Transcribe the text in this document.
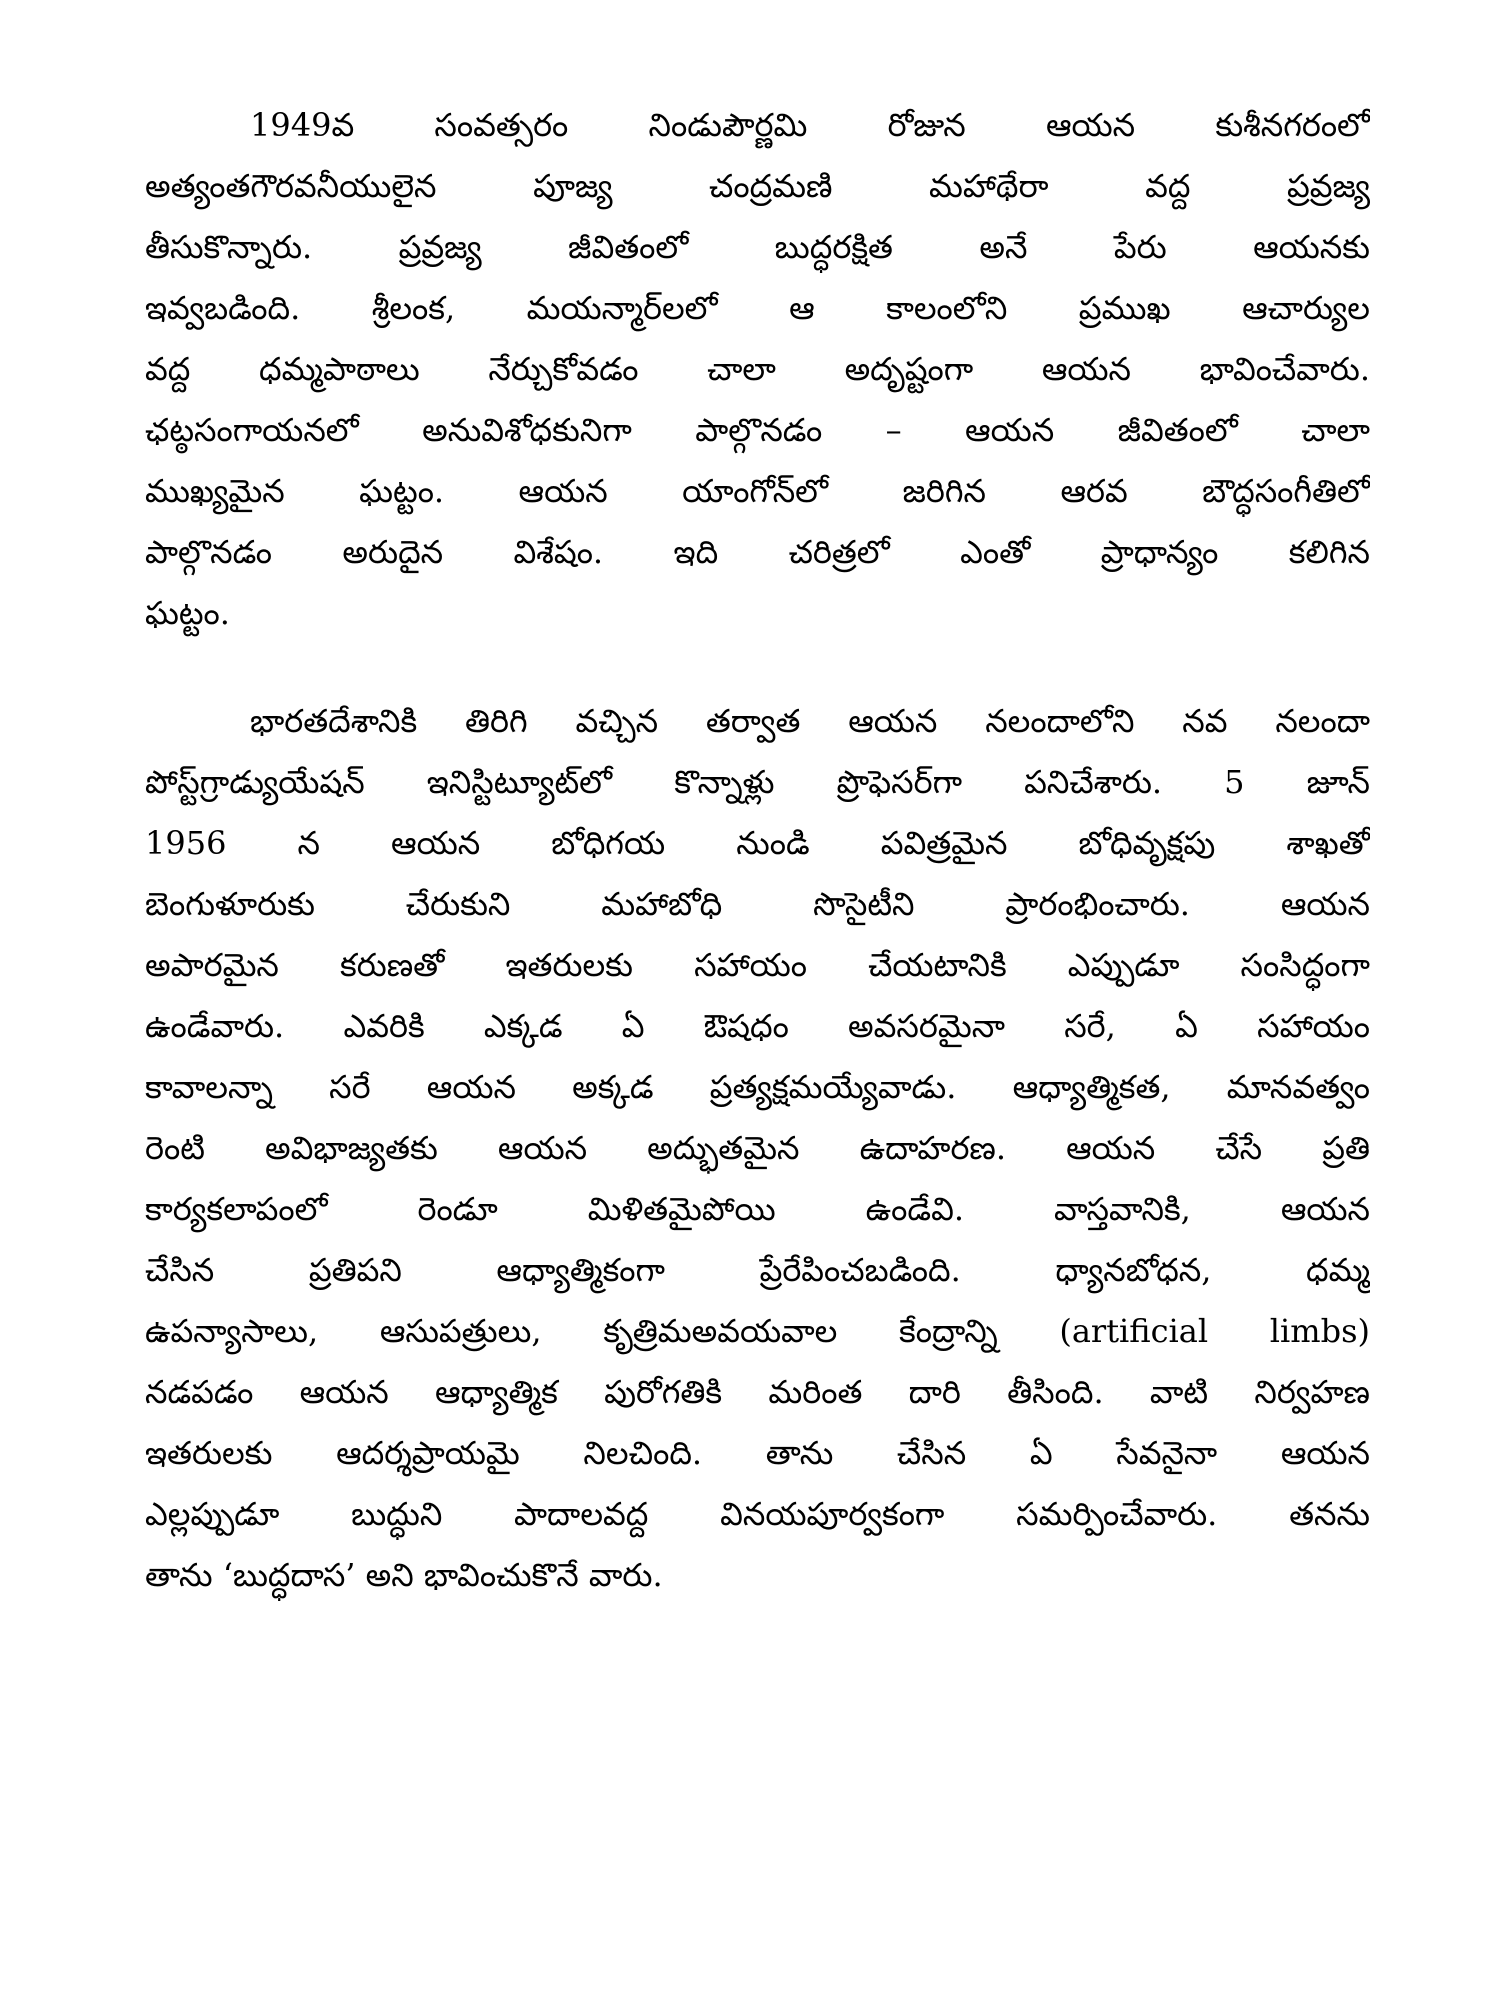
1949వ సంవత్సరం నిండుపౌర్ణమి రోజున ఆయన కుశీనగరంలో
అత్యంతగౌరవనీయులైన పూజ్య చంద్రమణి మహాథేరా వద్ద ప్రవ్రజ్య
తీసుకొన్నారు. ప్రవ్రజ్య జీవితంలో బుద్ధరక్షిత అనే పేరు ఆయనకు
ఇవ్వబడింది. శ్రీలంక, మయన్మార్‌లలో ఆ కాలంలోని ప్రముఖ ఆచార్యుల
వద్ద ధమ్మపాఠాలు నేర్చుకోవడం చాలా అదృష్టంగా ఆయన భావించేవారు.
ఛట్ఠసంగాయనలో అనువిశోధకునిగా పాల్గొనడం – ఆయన జీవితంలో చాలా
ముఖ్యమైన ఘట్టం. ఆయన యాంగోన్‌లో జరిగిన ఆరవ బౌద్ధసంగీతిలో
పాల్గొనడం అరుదైన విశేషం. ఇది చరిత్రలో ఎంతో ప్రాధాన్యం కలిగిన
ఘట్టం.
భారతదేశానికి తిరిగి వచ్చిన తర్వాత ఆయన నలందాలోని నవ నలందా
పోస్ట్‌గ్రాడ్యుయేషన్ ఇనిస్టిట్యూట్‌లో కొన్నాళ్లు ప్రొఫెసర్‌గా పనిచేశారు. 5 జూన్
1956 న ఆయన బోధిగయ నుండి పవిత్రమైన బోధివృక్షపు శాఖతో
బెంగుళూరుకు చేరుకుని మహాబోధి సొసైటీని ప్రారంభించారు. ఆయన
అపారమైన కరుణతో ఇతరులకు సహాయం చేయటానికి ఎప్పుడూ సంసిద్ధంగా
ఉండేవారు. ఎవరికి ఎక్కడ ఏ ఔషధం అవసరమైనా సరే, ఏ సహాయం
కావాలన్నా సరే ఆయన అక్కడ ప్రత్యక్షమయ్యేవాడు. ఆధ్యాత్మికత, మానవత్వం
రెంటి అవిభాజ్యతకు ఆయన అద్భుతమైన ఉదాహరణ. ఆయన చేసే ప్రతి
కార్యకలాపంలో రెండూ మిళితమైపోయి ఉండేవి. వాస్తవానికి, ఆయన
చేసిన ప్రతిపని ఆధ్యాత్మికంగా ప్రేరేపించబడింది. ధ్యానబోధన, ధమ్మ
ఉపన్యాసాలు, ఆసుపత్రులు, కృత్రిమఅవయవాల కేంద్రాన్ని (artificial limbs)
నడపడం ఆయన ఆధ్యాత్మిక పురోగతికి మరింత దారి తీసింది. వాటి నిర్వహణ
ఇతరులకు ఆదర్శప్రాయమై నిలచింది. తాను చేసిన ఏ సేవనైనా ఆయన
ఎల్లప్పుడూ బుద్ధుని పాదాలవద్ద వినయపూర్వకంగా సమర్పించేవారు. తనను
తాను ‘బుద్ధదాస’ అని భావించుకొనే వారు.
